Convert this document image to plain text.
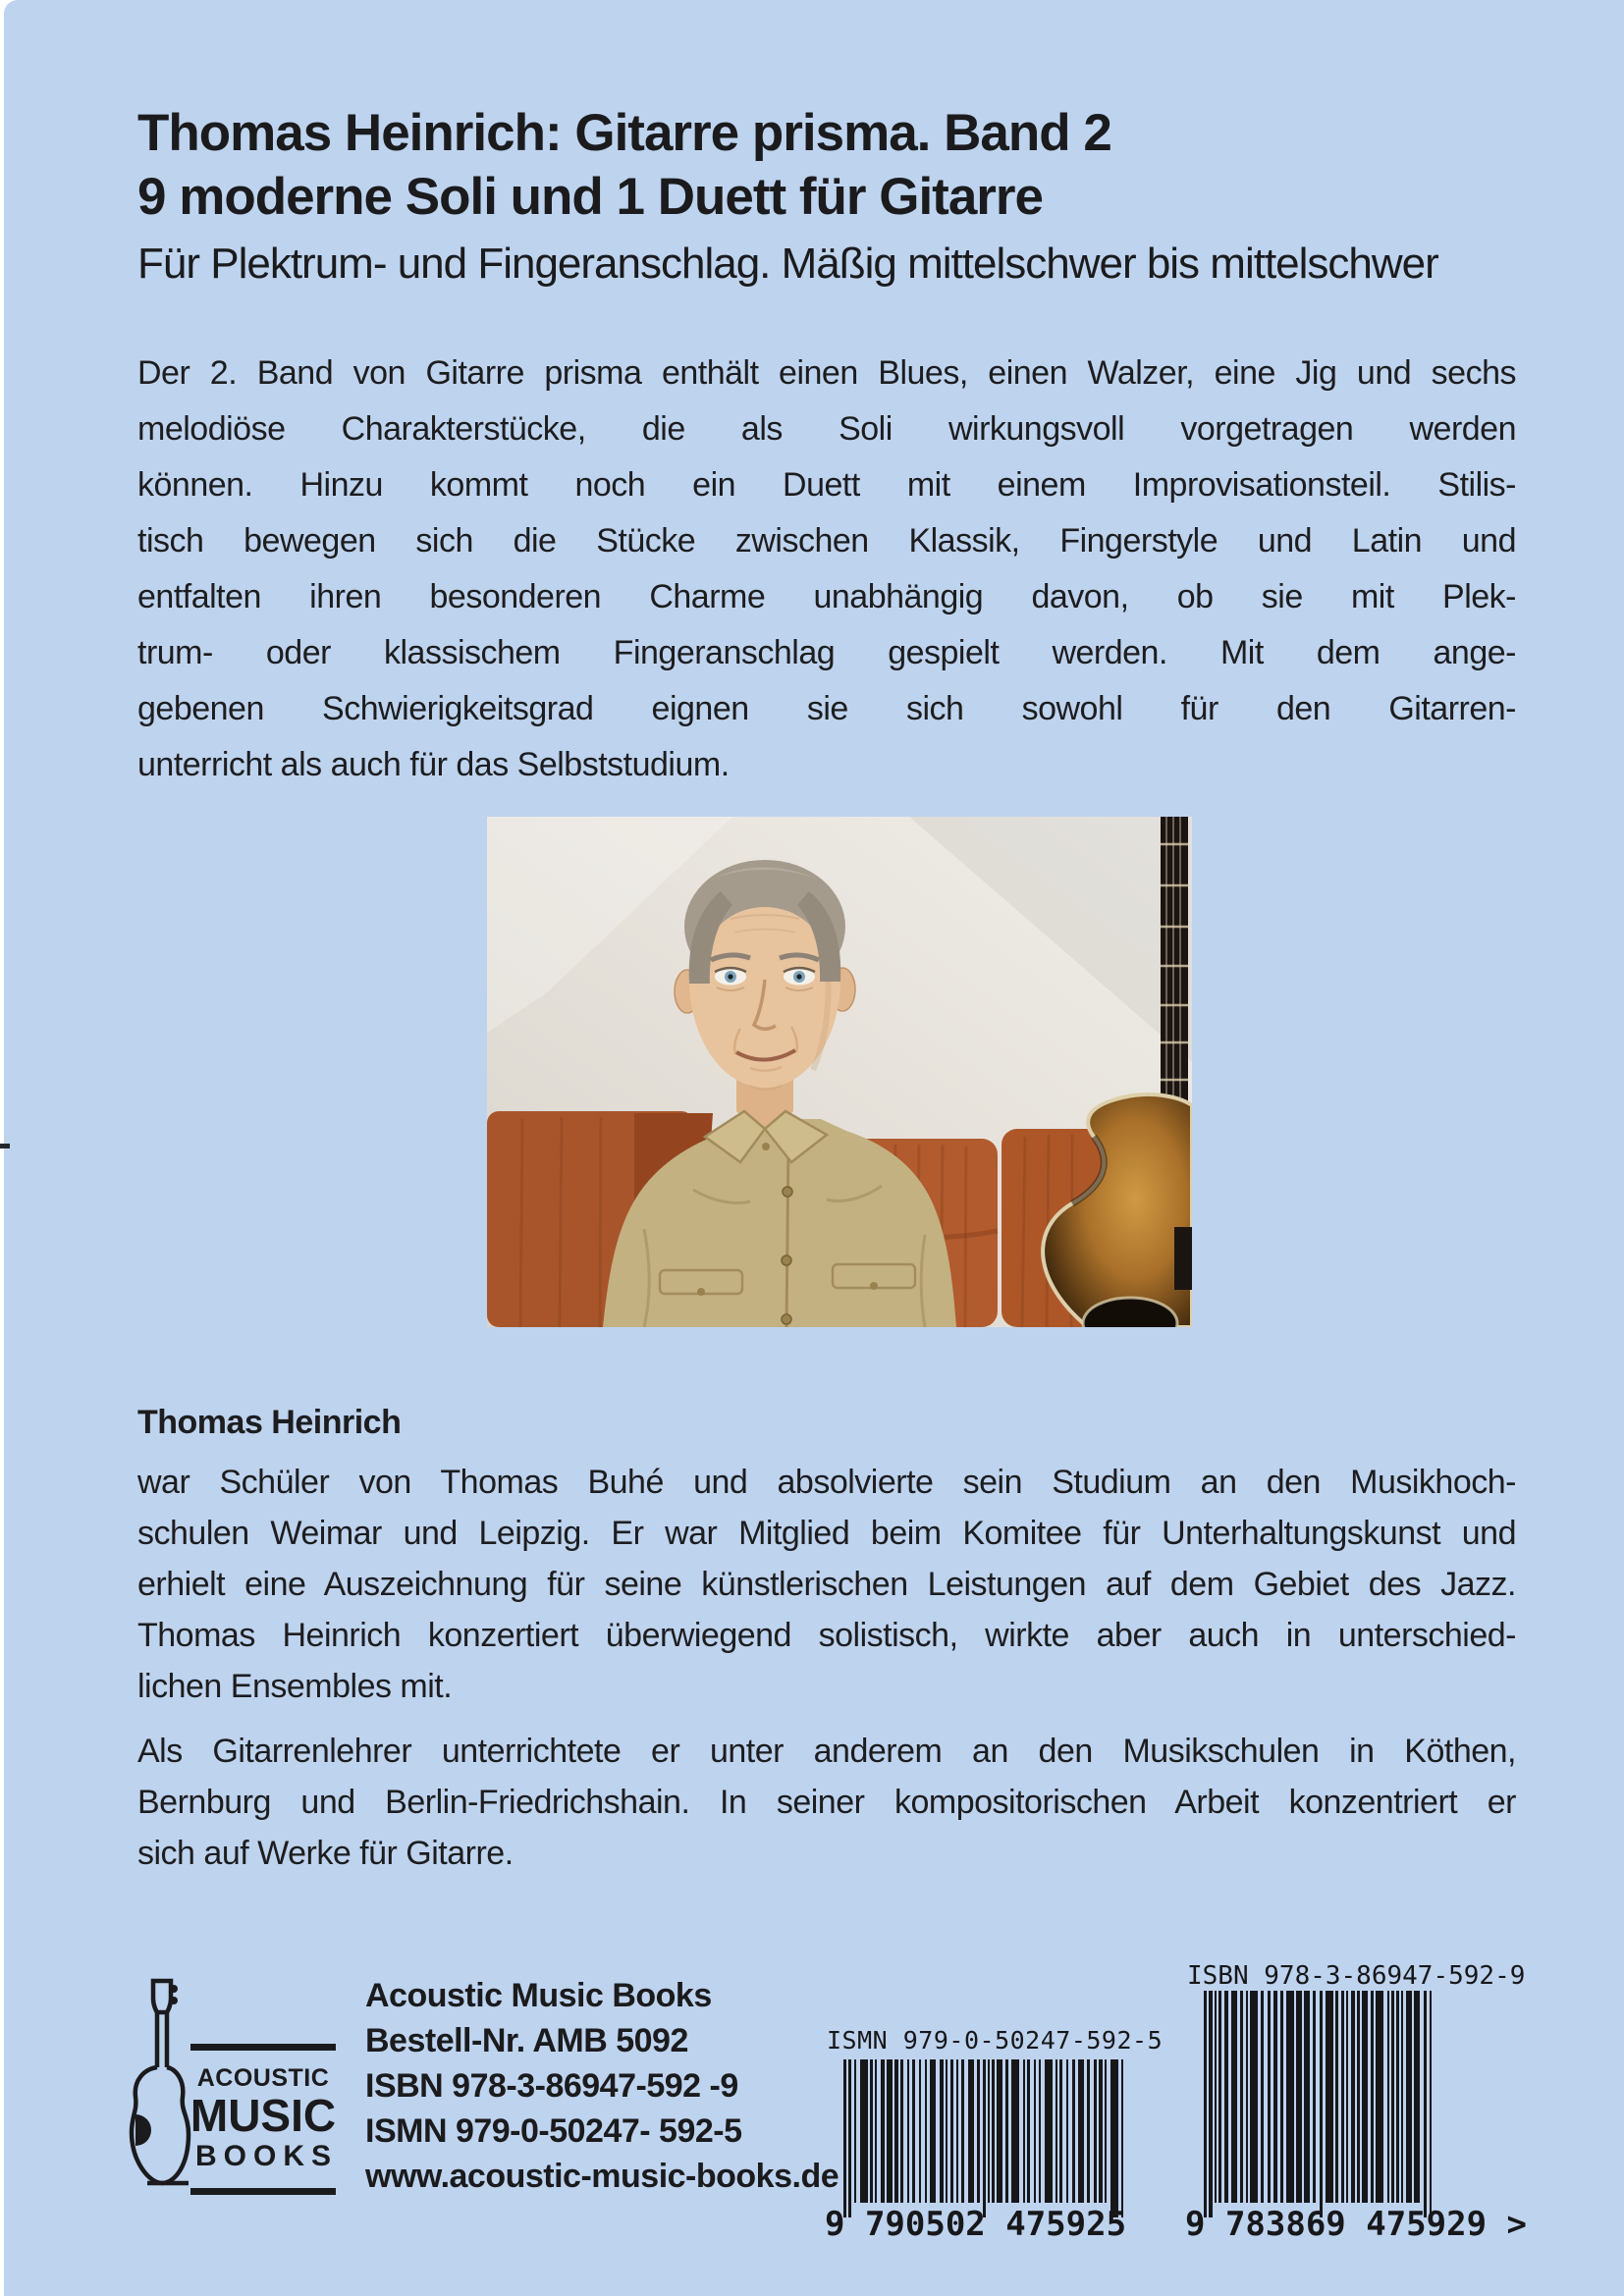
Thomas Heinrich: Gitarre prisma. Band 2
9 moderne Soli und 1 Duett für Gitarre
Für Plektrum- und Fingeranschlag. Mäßig mittelschwer bis mittelschwer
Der 2. Band von Gitarre prisma enthält einen Blues, einen Walzer, eine Jig und sechs
melodiöse Charakterstücke, die als Soli wirkungsvoll vorgetragen werden
können. Hinzu kommt noch ein Duett mit einem Improvisationsteil. Stilis-
tisch bewegen sich die Stücke zwischen Klassik, Fingerstyle und Latin und
entfalten ihren besonderen Charme unabhängig davon, ob sie mit Plek-
trum- oder klassischem Fingeranschlag gespielt werden. Mit dem ange-
gebenen Schwierigkeitsgrad eignen sie sich sowohl für den Gitarren-
unterricht als auch für das Selbststudium.
Thomas Heinrich
war Schüler von Thomas Buhé und absolvierte sein Studium an den Musikhoch-
schulen Weimar und Leipzig. Er war Mitglied beim Komitee für Unterhaltungskunst und
erhielt eine Auszeichnung für seine künstlerischen Leistungen auf dem Gebiet des Jazz.
Thomas Heinrich konzertiert überwiegend solistisch, wirkte aber auch in unterschied-
lichen Ensembles mit.
Als Gitarrenlehrer unterrichtete er unter anderem an den Musikschulen in Köthen,
Bernburg und Berlin-Friedrichshain. In seiner kompositorischen Arbeit konzentriert er
sich auf Werke für Gitarre.
ACOUSTIC
MUSIC
BOOKS
Acoustic Music Books
Bestell-Nr. AMB 5092
ISBN 978-3-86947-592 -9
ISMN 979-0-50247- 592-5
www.acoustic-music-books.de
ISMN 979-0-50247-592-5
9 790502 475925
ISBN 978-3-86947-592-9
9 783869 475929 >
